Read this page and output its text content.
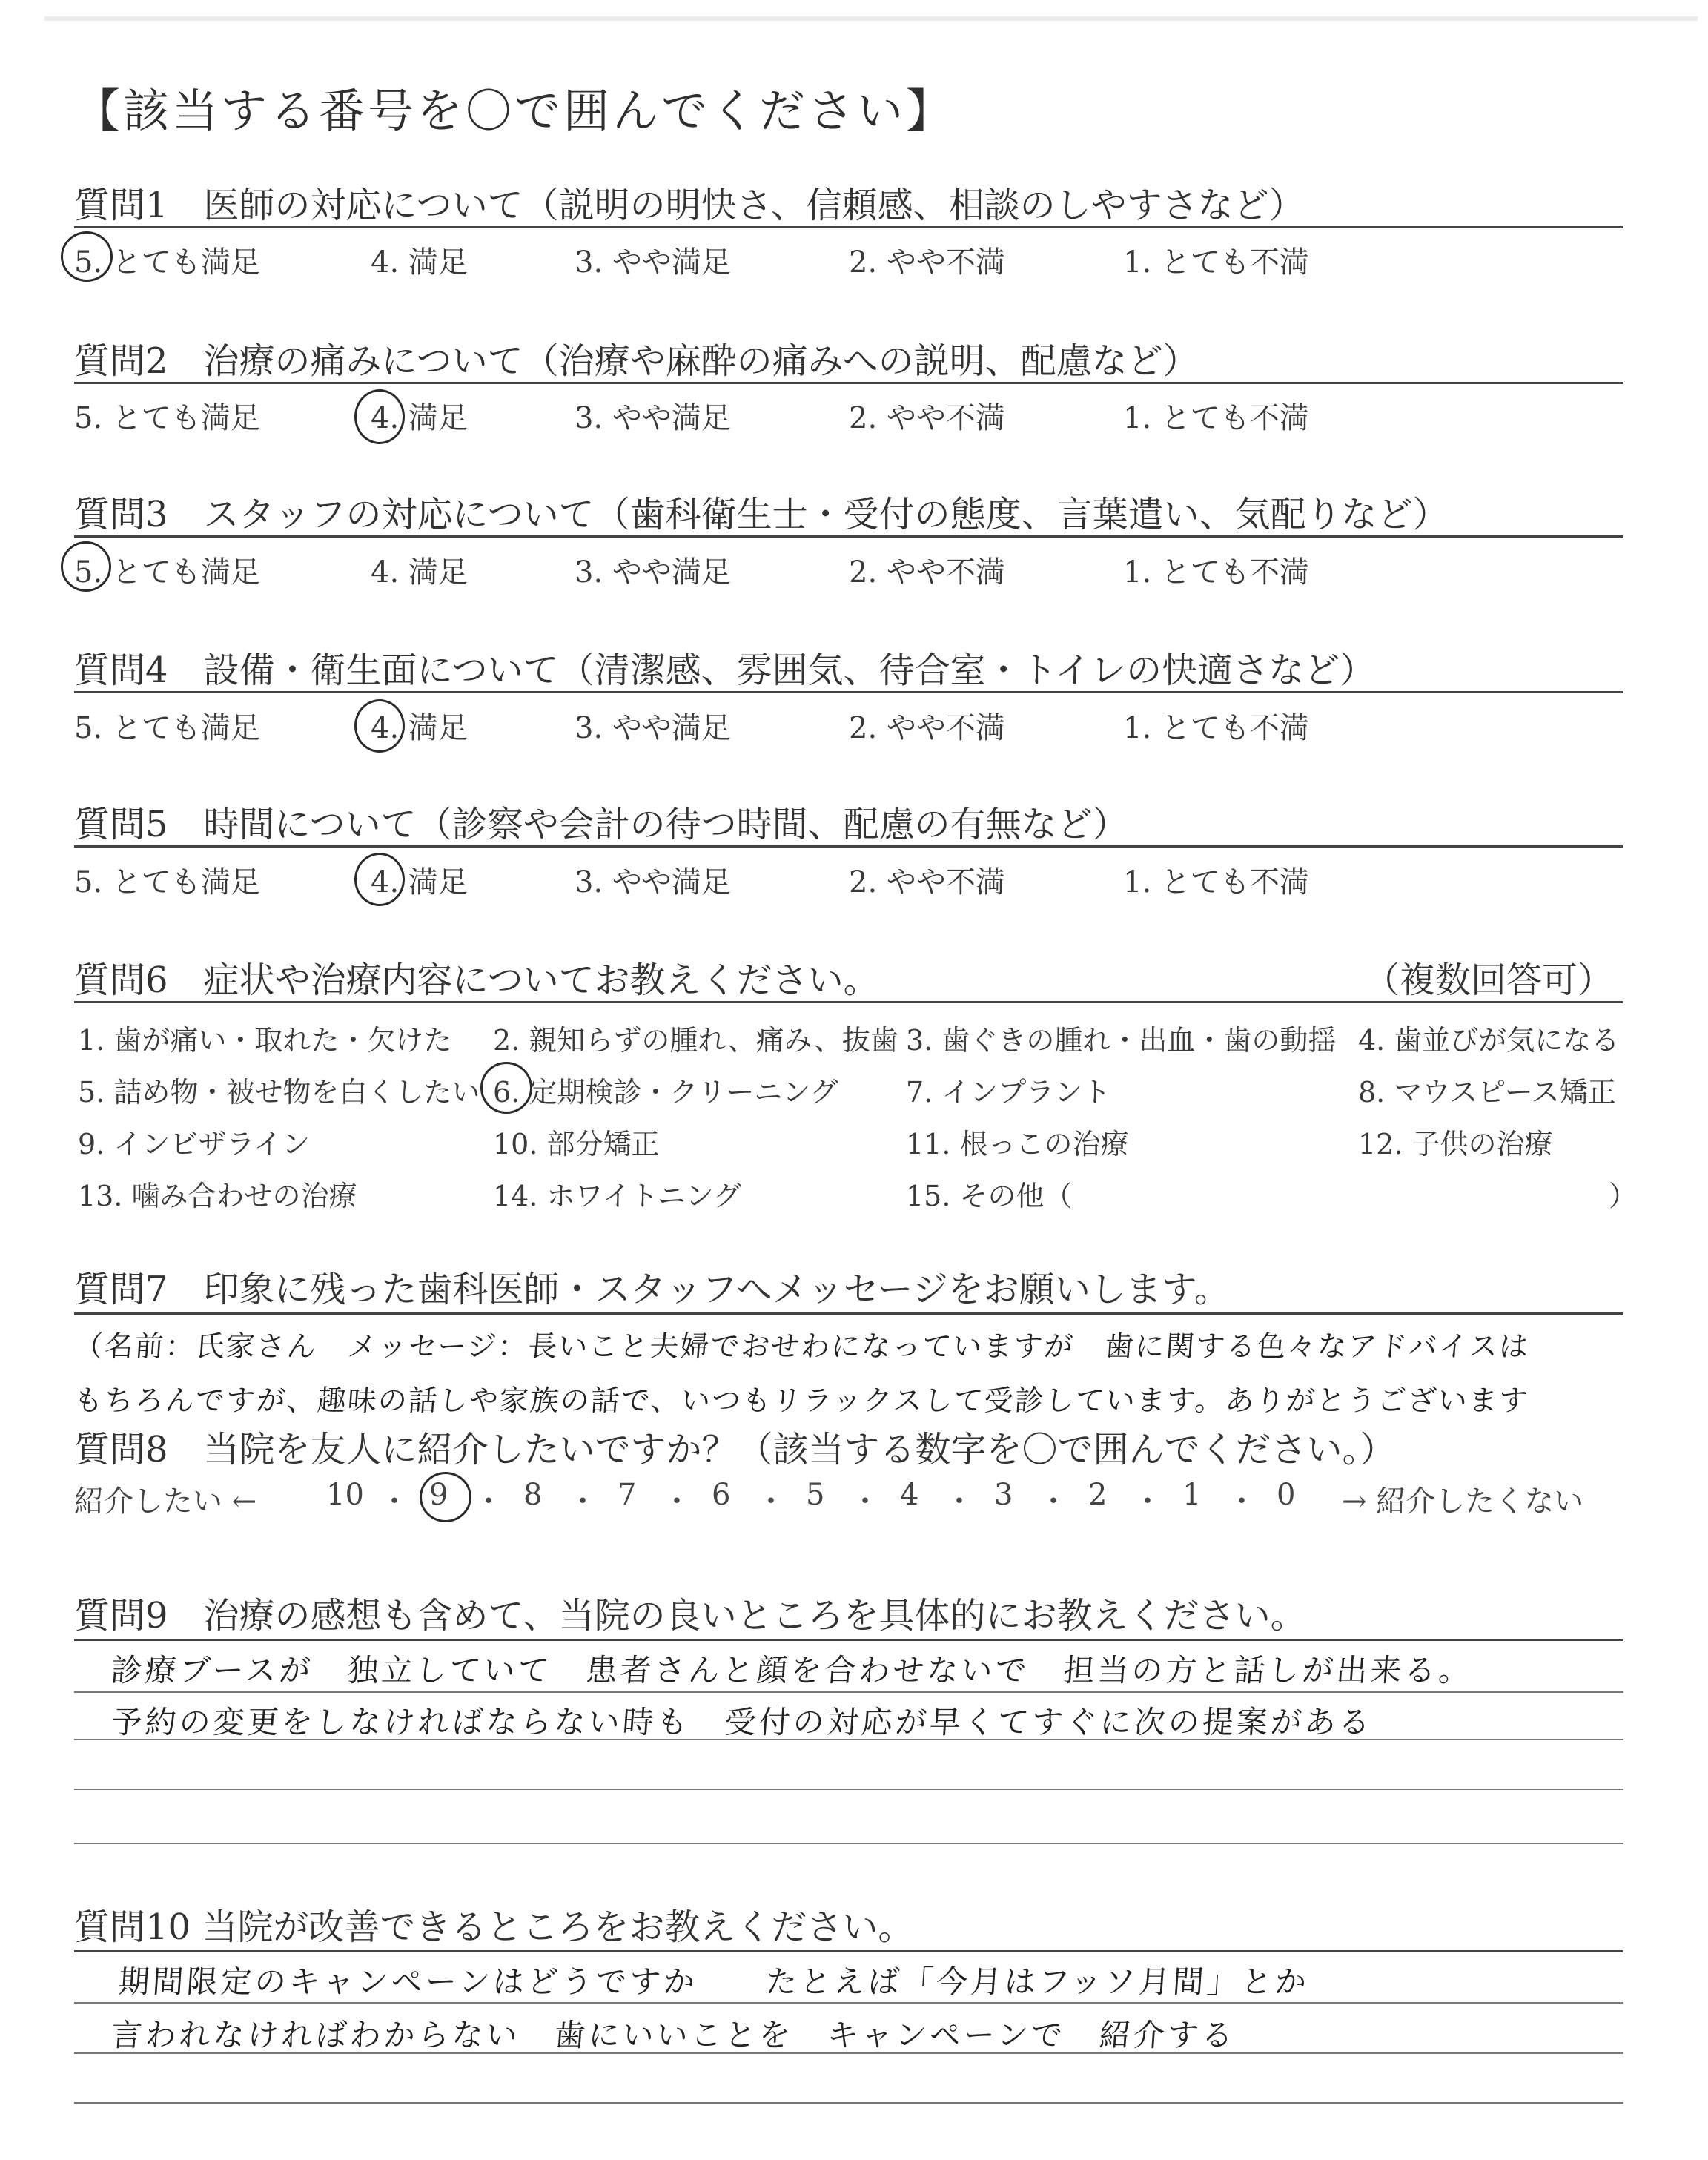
【該当する番号を〇で囲んでください】
質問1　医師の対応について（説明の明快さ、信頼感、相談のしやすさなど）
5. とても満足	4. 満足	3. やや満足	2. やや不満	1. とても不満
質問2　治療の痛みについて（治療や麻酔の痛みへの説明、配慮など）
5. とても満足	4. 満足	3. やや満足	2. やや不満	1. とても不満
質問3　スタッフの対応について（歯科衛生士・受付の態度、言葉遣い、気配りなど）
5. とても満足	4. 満足	3. やや満足	2. やや不満	1. とても不満
質問4　設備・衛生面について（清潔感、雰囲気、待合室・トイレの快適さなど）
5. とても満足	4. 満足	3. やや満足	2. やや不満	1. とても不満
質問5　時間について（診察や会計の待つ時間、配慮の有無など）
5. とても満足	4. 満足	3. やや満足	2. やや不満	1. とても不満
質問6　症状や治療内容についてお教えください。	（複数回答可）
1. 歯が痛い・取れた・欠けた 2. 親知らずの腫れ、痛み、抜歯 3. 歯ぐきの腫れ・出血・歯の動揺 4. 歯並びが気になる
5. 詰め物・被せ物を白くしたい 6. 定期検診・クリーニング 7. インプラント	8. マウスピース矯正
9. インビザライン	10. 部分矯正	11. 根っこの治療	12. 子供の治療
13. 噛み合わせの治療	14. ホワイトニング	15. その他（	）
質問7　印象に残った歯科医師・スタッフへメッセージをお願いします。
（名前：氏家さん　メッセージ：長いこと夫婦でおせわになっていますが　歯に関する色々なアドバイスは
もちろんですが、趣味の話しや家族の話で、いつもリラックスして受診しています。ありがとうございます
質問8　当院を友人に紹介したいですか？（該当する数字を〇で囲んでください。）
紹介したい ←	→ 紹介したくない
10 ・ 9 ・ 8 ・ 7 ・ 6 ・ 5 ・ 4 ・ 3 ・ 2 ・ 1 ・ 0
質問9　治療の感想も含めて、当院の良いところを具体的にお教えください。
診療ブースが　独立していて　患者さんと顔を合わせないで　担当の方と話しが出来る。
予約の変更をしなければならない時も　受付の対応が早くてすぐに次の提案がある
質問10 当院が改善できるところをお教えください。
期間限定のキャンペーンはどうですか　　たとえば「今月はフッソ月間」とか
言われなければわからない　歯にいいことを　キャンペーンで　紹介する
